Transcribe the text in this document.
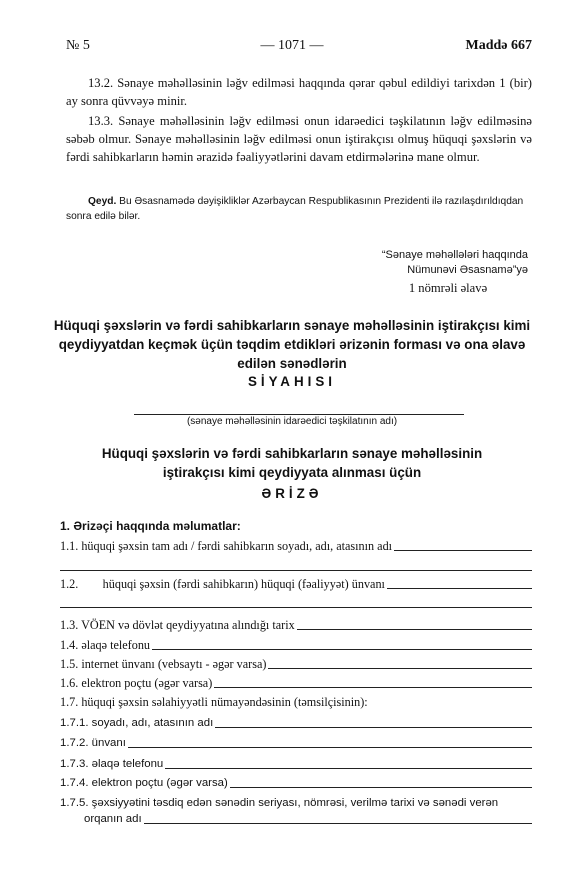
№ 5	— 1071 —	Maddə 667
13.2. Sənaye məhəlləsinin ləğv edilməsi haqqında qərar qəbul edildiyi tarixdən 1 (bir) ay sonra qüvvəyə minir.
13.3. Sənaye məhəlləsinin ləğv edilməsi onun idarəedici təşkilatının ləğv edilməsinə səbəb olmur. Sənaye məhəlləsinin ləğv edilməsi onun iştirakçısı olmuş hüquqi şəxslərin və fərdi sahibkarların həmin ərazidə fəaliyyətlərini davam etdirmələrinə mane olmur.
Qeyd. Bu Əsasnamədə dəyişikliklər Azərbaycan Respublikasının Prezidenti ilə razılaşdırıldıqdan sonra edilə bilər.
“Sənaye məhəllələri haqqında
Nümunəvi Əsasnamə”yə
1 nömrəli əlavə
Hüquqi şəxslərin və fərdi sahibkarların sənaye məhəlləsinin iştirakçısı kimi qeydiyyatdan keçmək üçün təqdim etdikləri ərizənin forması və ona əlavə edilən sənədlərin
SİYAHISI
(sənaye məhəlləsinin idarəedici təşkilatının adı)
Hüquqi şəxslərin və fərdi sahibkarların sənaye məhəlləsinin iştirakçısı kimi qeydiyyata alınması üçün
ƏRİZƏ
1. Ərizəçi haqqında məlumatlar:
1.1. hüquqi şəxsin tam adı / fərdi sahibkarın soyadı, adı, atasının adı
1.2.        hüquqi şəxsin (fərdi sahibkarın) hüquqi (fəaliyyət) ünvanı
1.3. VÖEN və dövlət qeydiyyatına alındığı tarix
1.4. əlaqə telefonu
1.5. internet ünvanı (vebsaytı - əgər varsa)
1.6. elektron poçtu (əgər varsa)
1.7. hüquqi şəxsin səlahiyyətli nümayəndəsinin (təmsilçisinin):
1.7.1. soyadı, adı, atasının adı
1.7.2. ünvanı
1.7.3. əlaqə telefonu
1.7.4. elektron poçtu (əgər varsa)
1.7.5. şəxsiyyətini təsdiq edən sənədin seriyası, nömrəsi, verilmə tarixi və sənədi verən
orqanın adı
